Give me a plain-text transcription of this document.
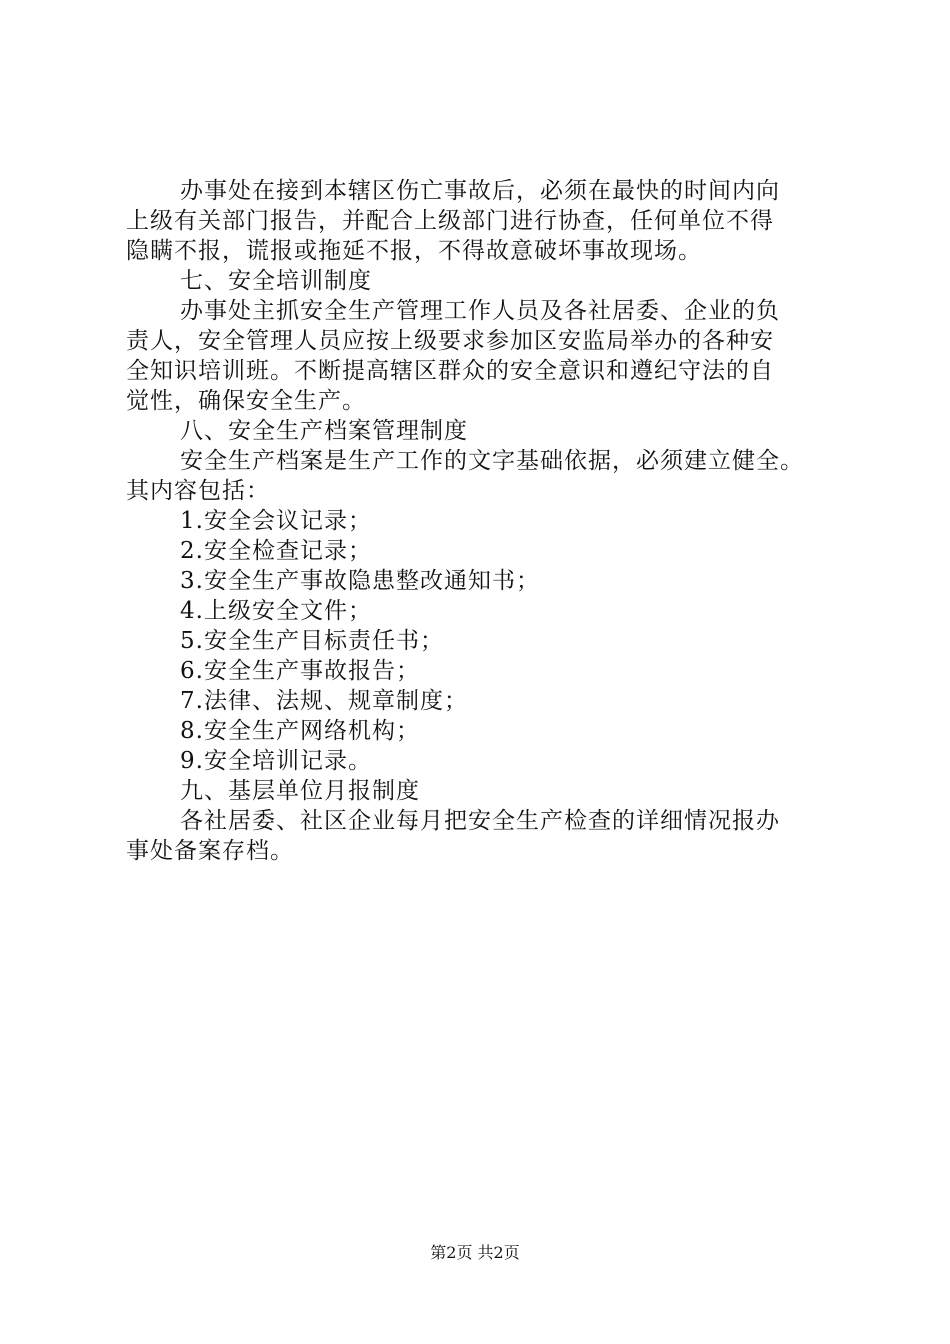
办事处在接到本辖区伤亡事故后，必须在最快的时间内向
上级有关部门报告，并配合上级部门进行协查，任何单位不得
隐瞒不报，谎报或拖延不报，不得故意破坏事故现场。
七、安全培训制度
办事处主抓安全生产管理工作人员及各社居委、企业的负
责人，安全管理人员应按上级要求参加区安监局举办的各种安
全知识培训班。不断提高辖区群众的安全意识和遵纪守法的自
觉性，确保安全生产。
八、安全生产档案管理制度
安全生产档案是生产工作的文字基础依据，必须建立健全。
其内容包括：
1.安全会议记录；
2.安全检查记录；
3.安全生产事故隐患整改通知书；
4.上级安全文件；
5.安全生产目标责任书；
6.安全生产事故报告；
7.法律、法规、规章制度；
8.安全生产网络机构；
9.安全培训记录。
九、基层单位月报制度
各社居委、社区企业每月把安全生产检查的详细情况报办
事处备案存档。
第2页 共2页
